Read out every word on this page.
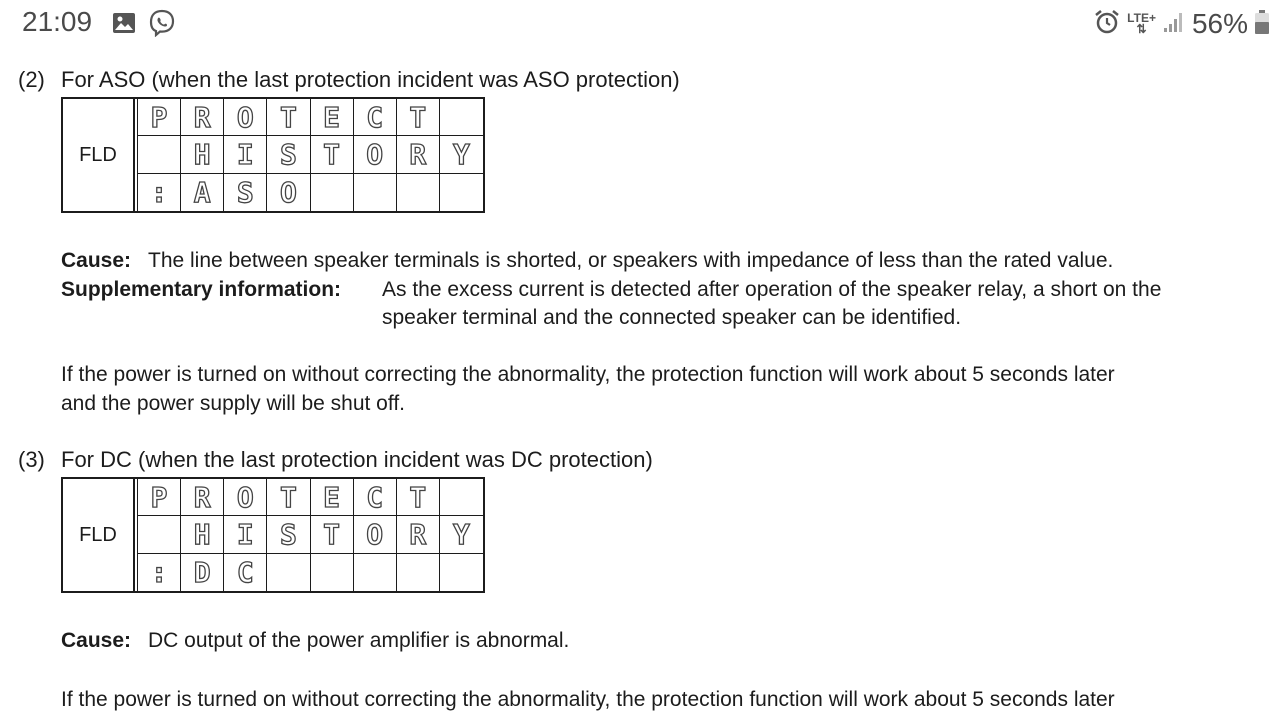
21:09	LTE+
⇅	56%
(2) For ASO (when the last protection incident was ASO protection)
FLD
P R O T E C T
H I S T O R Y
: A S O
Cause: The line between speaker terminals is shorted, or speakers with impedance of less than the rated value.
Supplementary information: As the excess current is detected after operation of the speaker relay, a short on the
speaker terminal and the connected speaker can be identified.
If the power is turned on without correcting the abnormality, the protection function will work about 5 seconds later
and the power supply will be shut off.
(3) For DC (when the last protection incident was DC protection)
FLD
P R O T E C T
H I S T O R Y
: D C
Cause: DC output of the power amplifier is abnormal.
If the power is turned on without correcting the abnormality, the protection function will work about 5 seconds later
